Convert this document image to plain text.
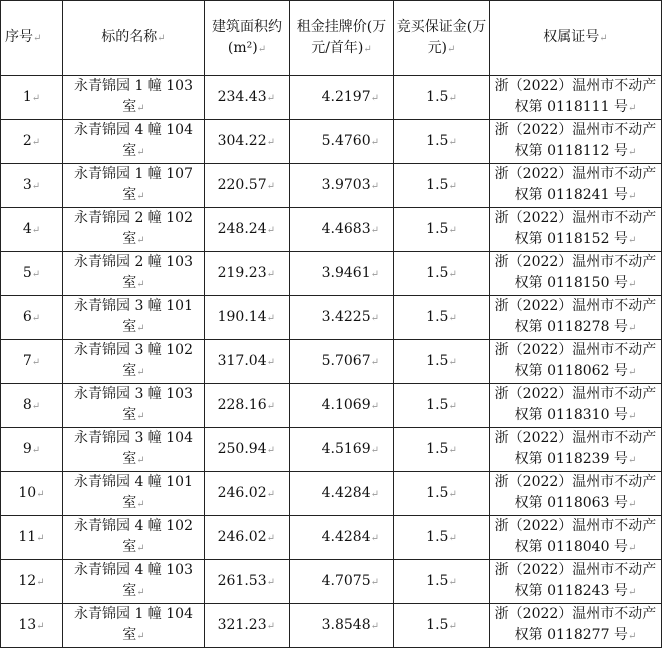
序号↵	标的名称↵	建筑面积约(m²)↵	租金挂牌价(万元/首年)↵	竞买保证金(万元)↵	权属证号↵
1↵	永青锦园 1 幢 103 室↵	234.43↵	4.2197↵	1.5↵	浙（2022）温州市不动产权第 0118111 号↵
2↵	永青锦园 4 幢 104 室↵	304.22↵	5.4760↵	1.5↵	浙（2022）温州市不动产权第 0118112 号↵
3↵	永青锦园 1 幢 107 室↵	220.57↵	3.9703↵	1.5↵	浙（2022）温州市不动产权第 0118241 号↵
4↵	永青锦园 2 幢 102 室↵	248.24↵	4.4683↵	1.5↵	浙（2022）温州市不动产权第 0118152 号↵
5↵	永青锦园 2 幢 103 室↵	219.23↵	3.9461↵	1.5↵	浙（2022）温州市不动产权第 0118150 号↵
6↵	永青锦园 3 幢 101 室↵	190.14↵	3.4225↵	1.5↵	浙（2022）温州市不动产权第 0118278 号↵
7↵	永青锦园 3 幢 102 室↵	317.04↵	5.7067↵	1.5↵	浙（2022）温州市不动产权第 0118062 号↵
8↵	永青锦园 3 幢 103 室↵	228.16↵	4.1069↵	1.5↵	浙（2022）温州市不动产权第 0118310 号↵
9↵	永青锦园 3 幢 104 室↵	250.94↵	4.5169↵	1.5↵	浙（2022）温州市不动产权第 0118239 号↵
10↵	永青锦园 4 幢 101 室↵	246.02↵	4.4284↵	1.5↵	浙（2022）温州市不动产权第 0118063 号↵
11↵	永青锦园 4 幢 102 室↵	246.02↵	4.4284↵	1.5↵	浙（2022）温州市不动产权第 0118040 号↵
12↵	永青锦园 4 幢 103 室↵	261.53↵	4.7075↵	1.5↵	浙（2022）温州市不动产权第 0118243 号↵
13↵	永青锦园 1 幢 104 室↵	321.23↵	3.8548↵	1.5↵	浙（2022）温州市不动产权第 0118277 号↵
